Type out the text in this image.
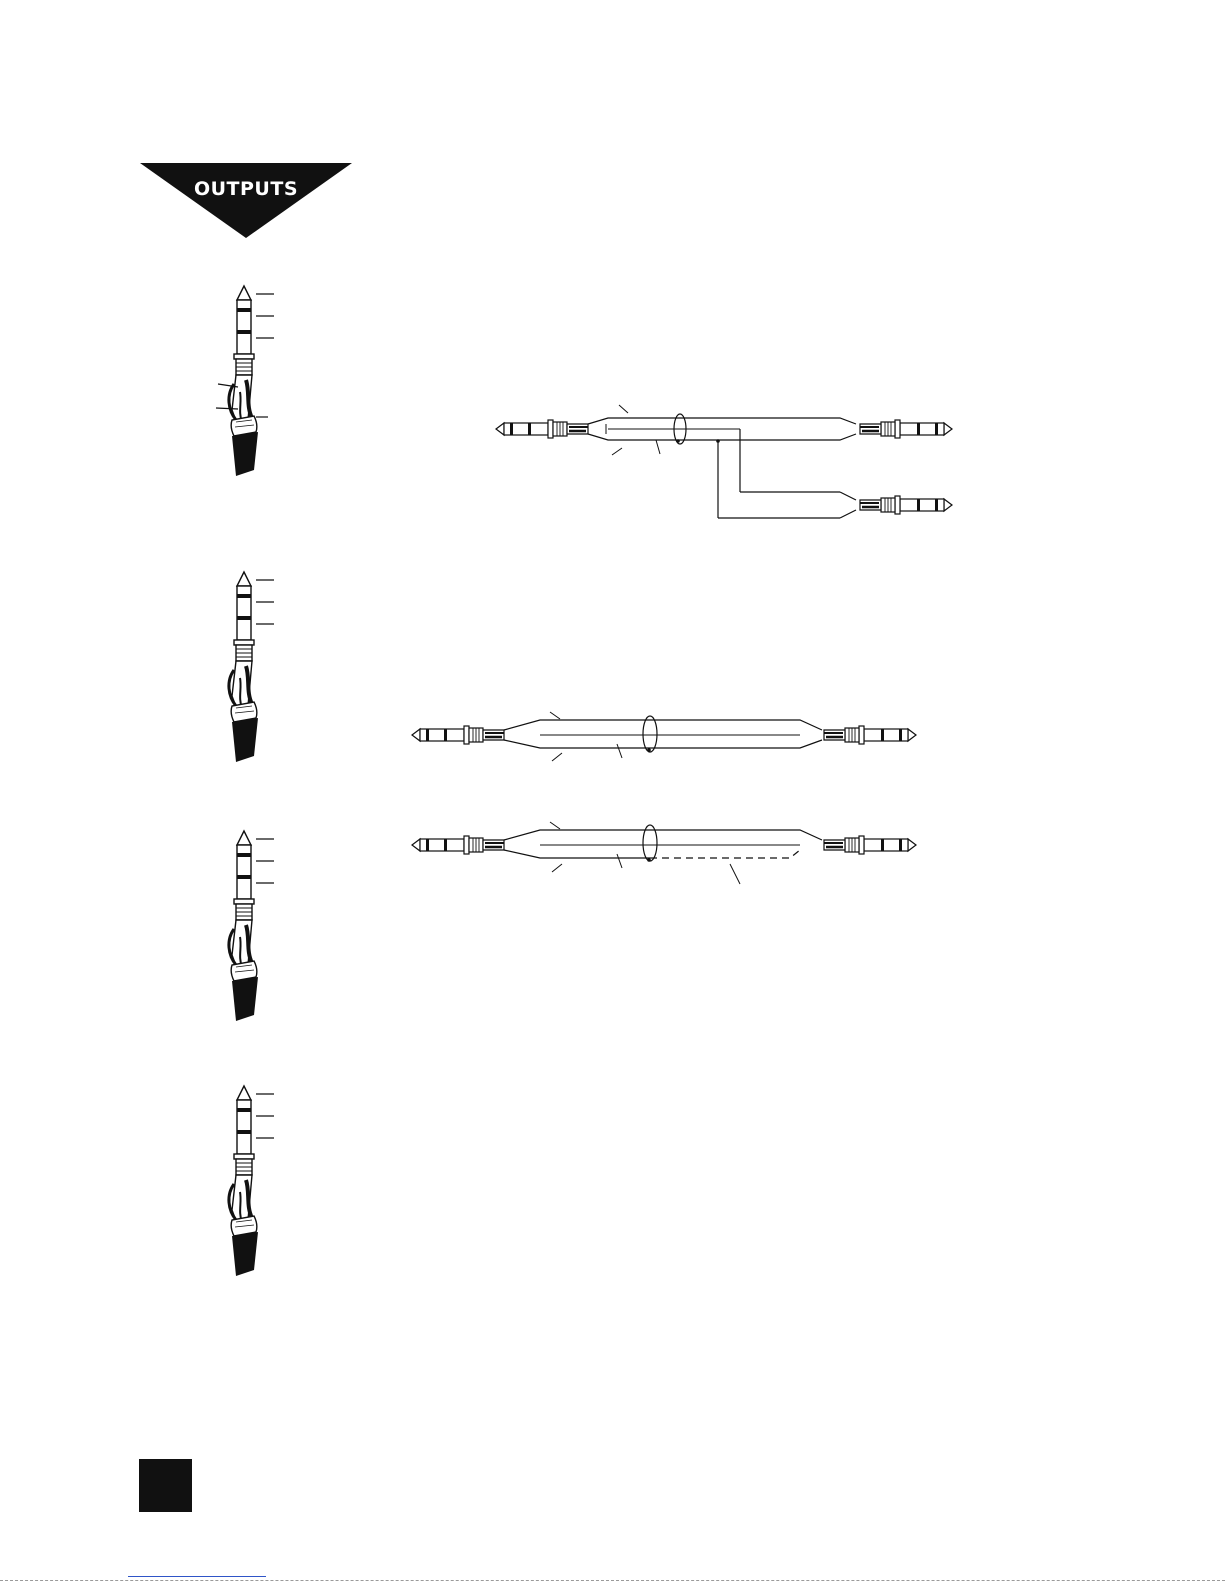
OUTPUTS
